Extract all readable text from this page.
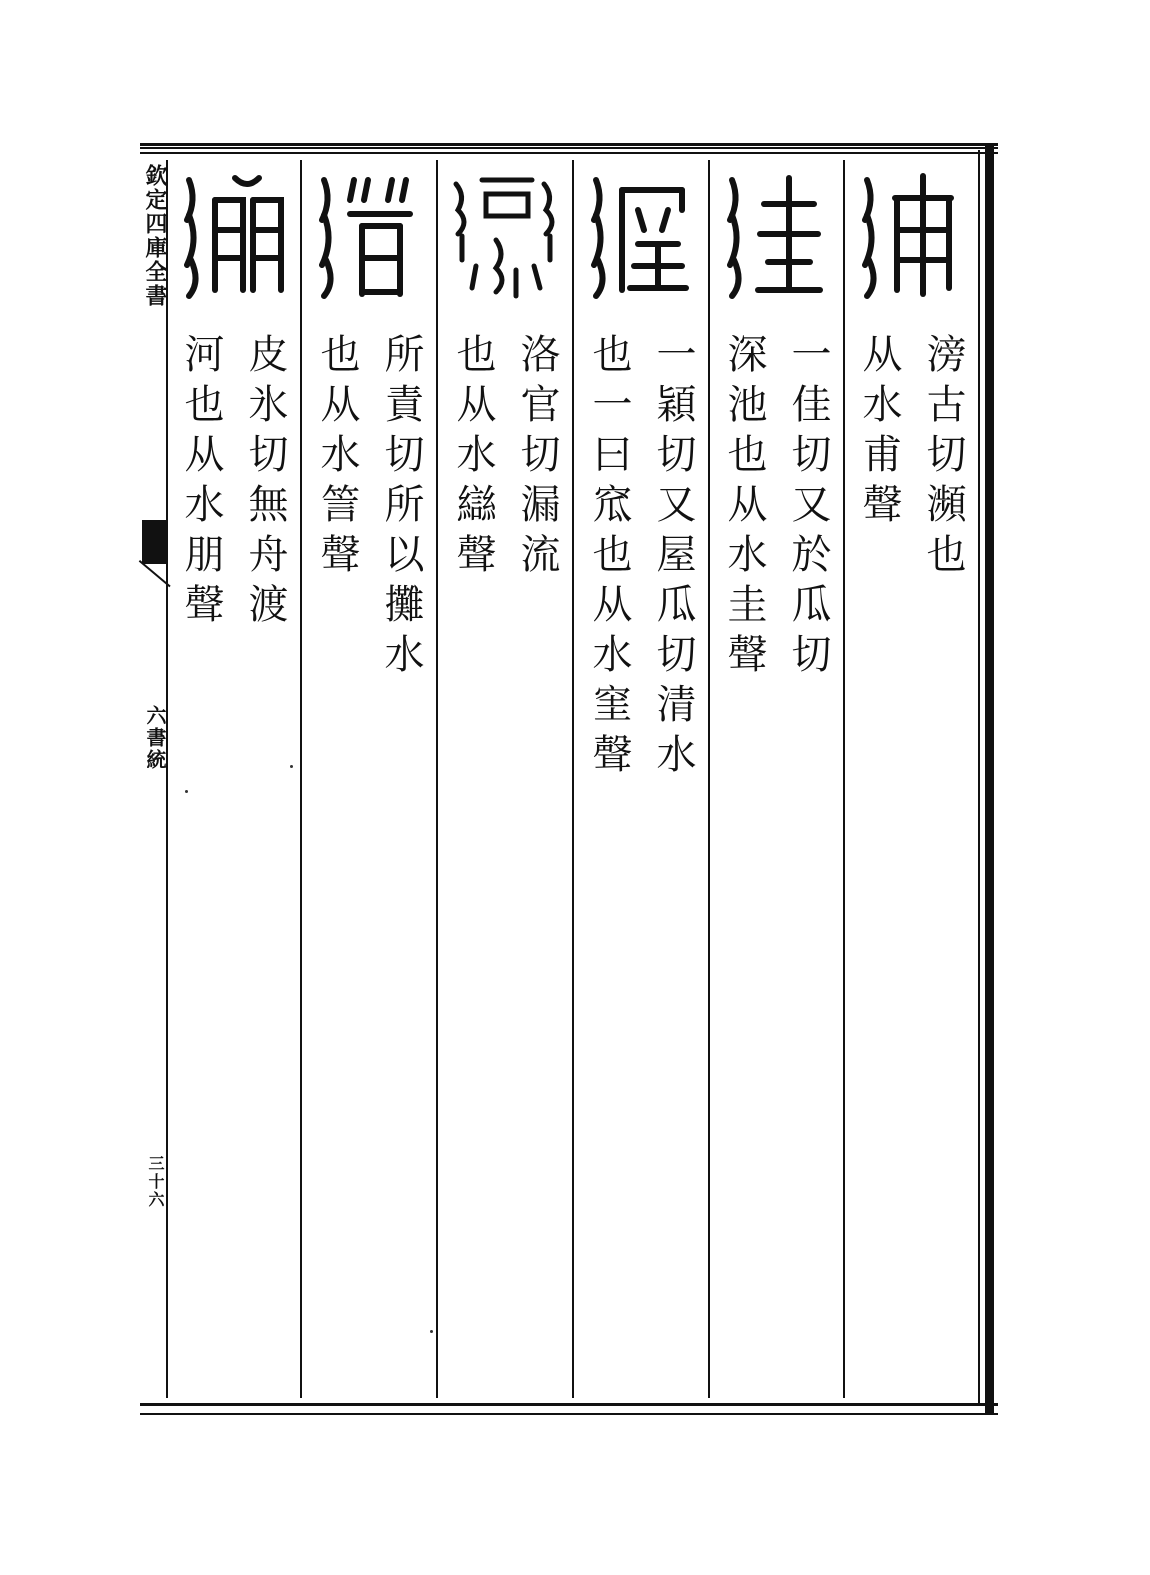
欽定四庫全書
六書統
三十六
滂古切瀕也
从水甫聲
一佳切又於瓜切
深池也从水圭聲
一穎切又屋瓜切清水
也一曰窊也从水窐聲
洛官切漏流
也从水䜌聲
所責切所以攤水
也从水䇾聲
皮氷切無舟渡
河也从水朋聲
